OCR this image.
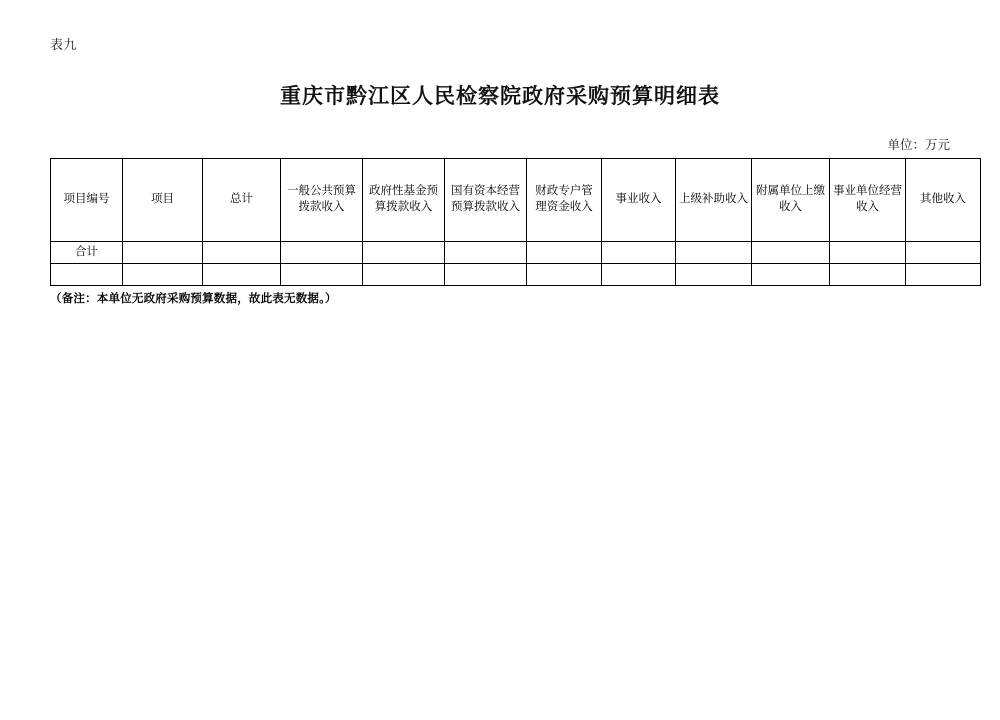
表九
重庆市黔江区人民检察院政府采购预算明细表
单位：万元
项目编号	项目	总计	一般公共预算拨款收入	政府性基金预算拨款收入	国有资本经营预算拨款收入	财政专户管理资金收入	事业收入	上级补助收入	附属单位上缴收入	事业单位经营收入	其他收入
合计											

（备注：本单位无政府采购预算数据，故此表无数据。）
